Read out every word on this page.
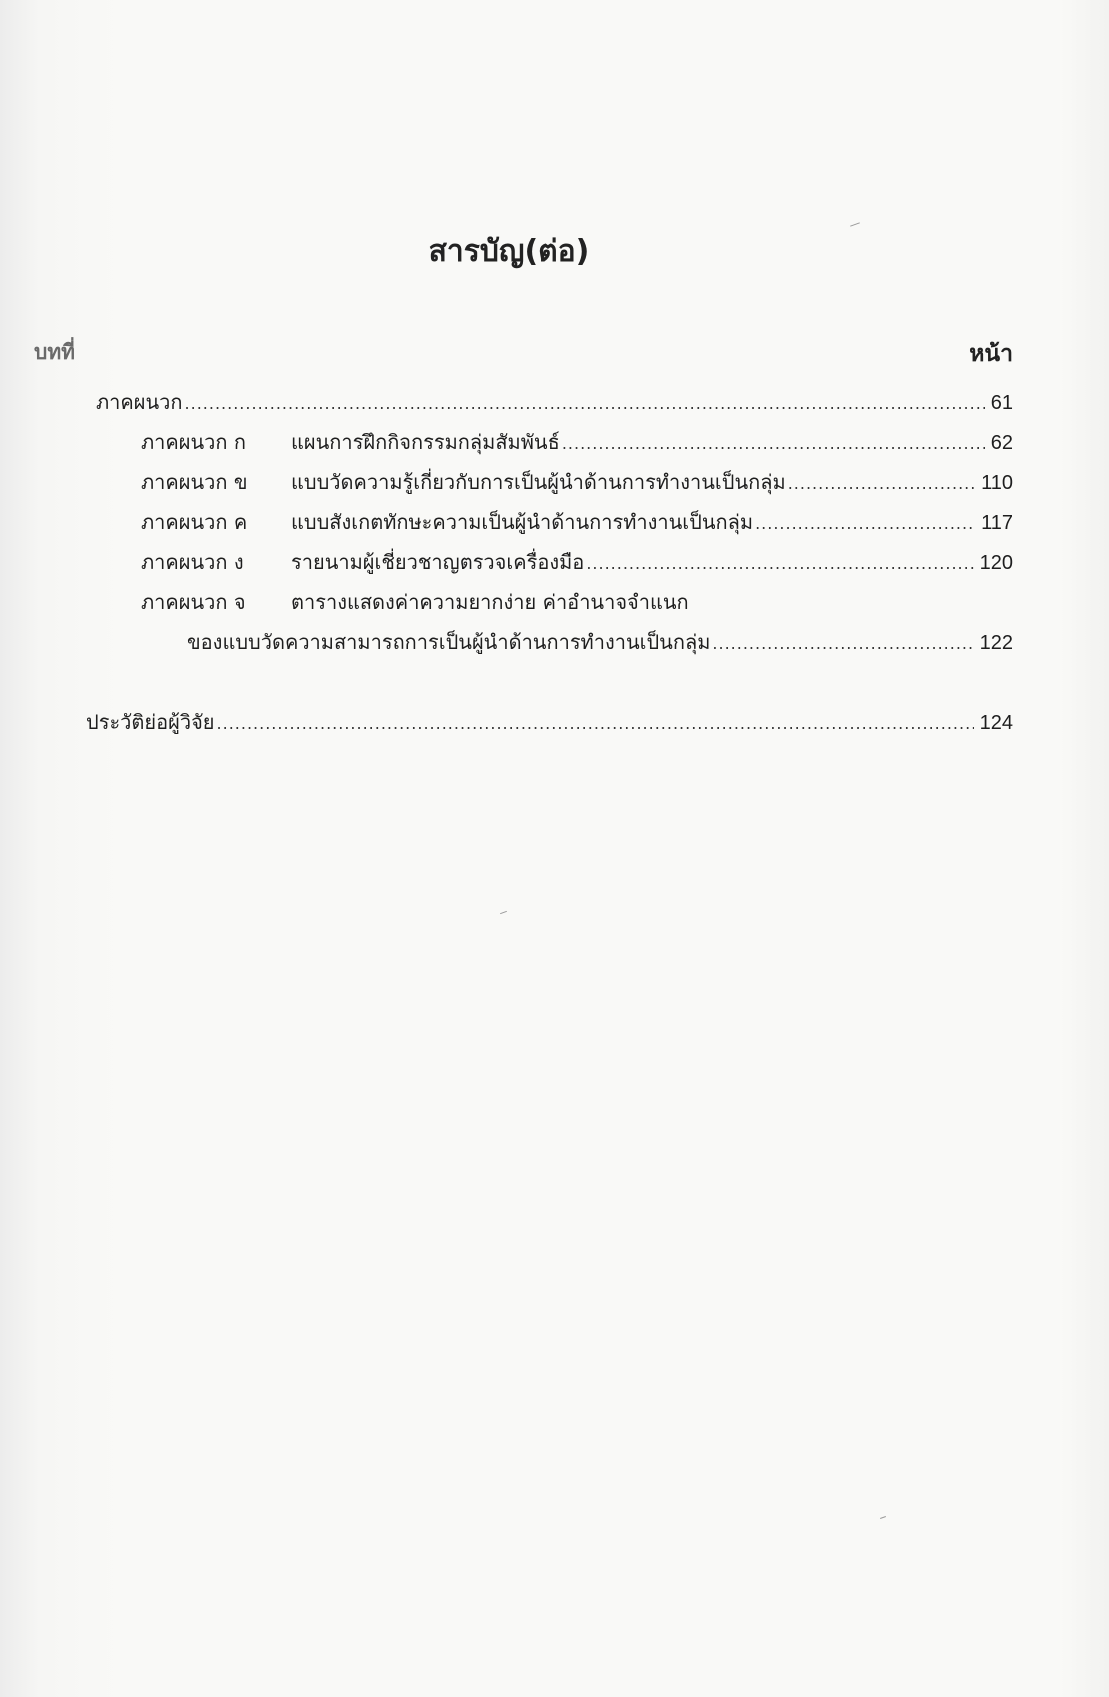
สารบัญ(ต่อ)
บทที่	หน้า
ภาคผนวก .....	61
ภาคผนวก ก แผนการฝึกกิจกรรมกลุ่มสัมพันธ์ .....	62
ภาคผนวก ข แบบวัดความรู้เกี่ยวกับการเป็นผู้นำด้านการทำงานเป็นกลุ่ม .....	110
ภาคผนวก ค แบบสังเกตทักษะความเป็นผู้นำด้านการทำงานเป็นกลุ่ม .....	117
ภาคผนวก ง รายนามผู้เชี่ยวชาญตรวจเครื่องมือ .....	120
ภาคผนวก จ ตารางแสดงค่าความยากง่าย ค่าอำนาจจำแนก
ของแบบวัดความสามารถการเป็นผู้นำด้านการทำงานเป็นกลุ่ม .....	122
ประวัติย่อผู้วิจัย .....	124
